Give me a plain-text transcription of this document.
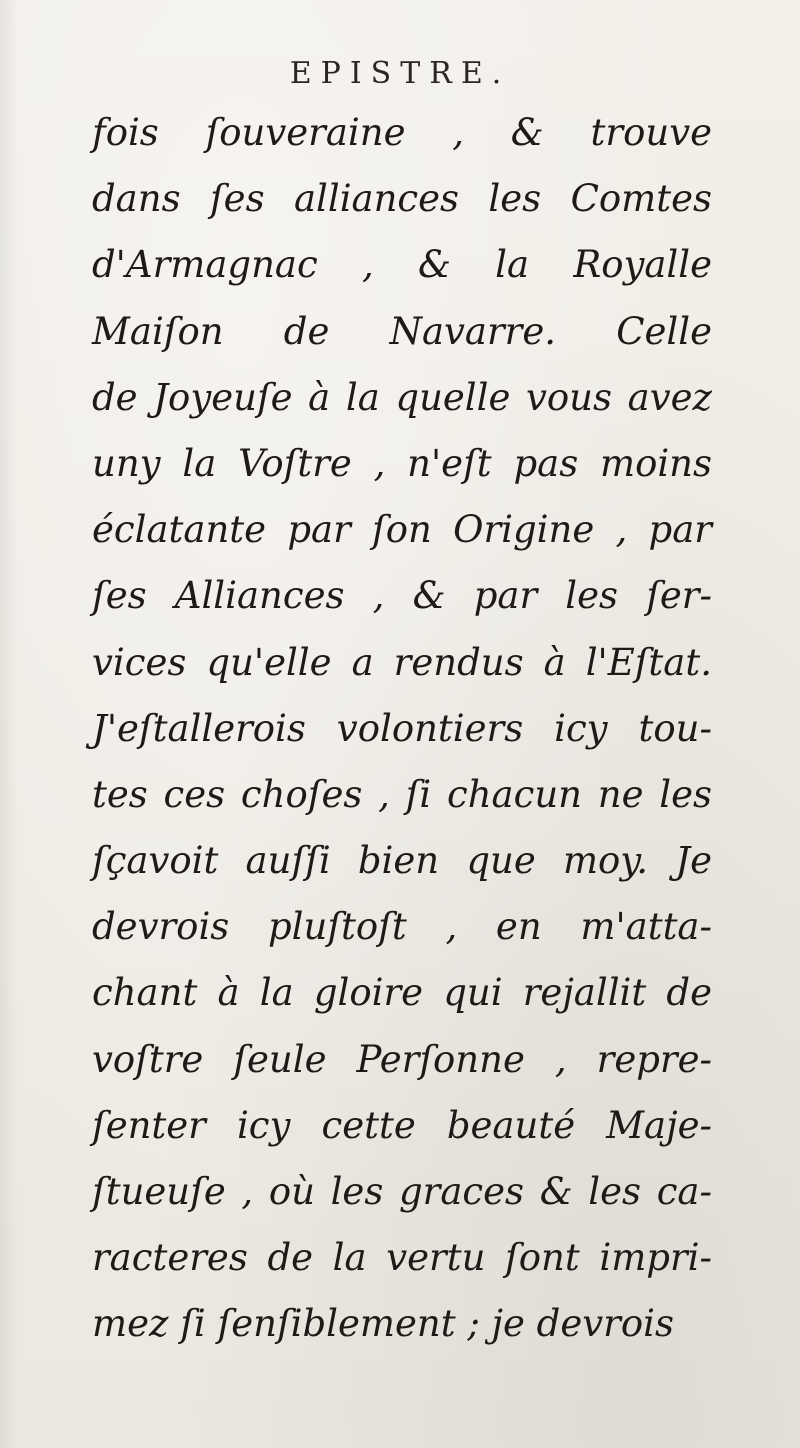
EPISTRE.
fois ſouveraine , & trouve
dans ſes alliances les Comtes
d'Armagnac , & la Royalle
Maiſon de Navarre. Celle
de Joyeuſe à la quelle vous avez
uny la Voſtre , n'eſt pas moins
éclatante par ſon Origine , par
ſes Alliances , & par les ſer-
vices qu'elle a rendus à l'Eſtat.
J'eſtallerois volontiers icy tou-
tes ces choſes , ſi chacun ne les
ſçavoit auſſi bien que moy. Je
devrois pluſtoſt , en m'atta-
chant à la gloire qui rejallit de
voſtre ſeule Perſonne , repre-
ſenter icy cette beauté Maje-
ſtueuſe , où les graces & les ca-
racteres de la vertu ſont impri-
mez ſi ſenſiblement ; je devrois
